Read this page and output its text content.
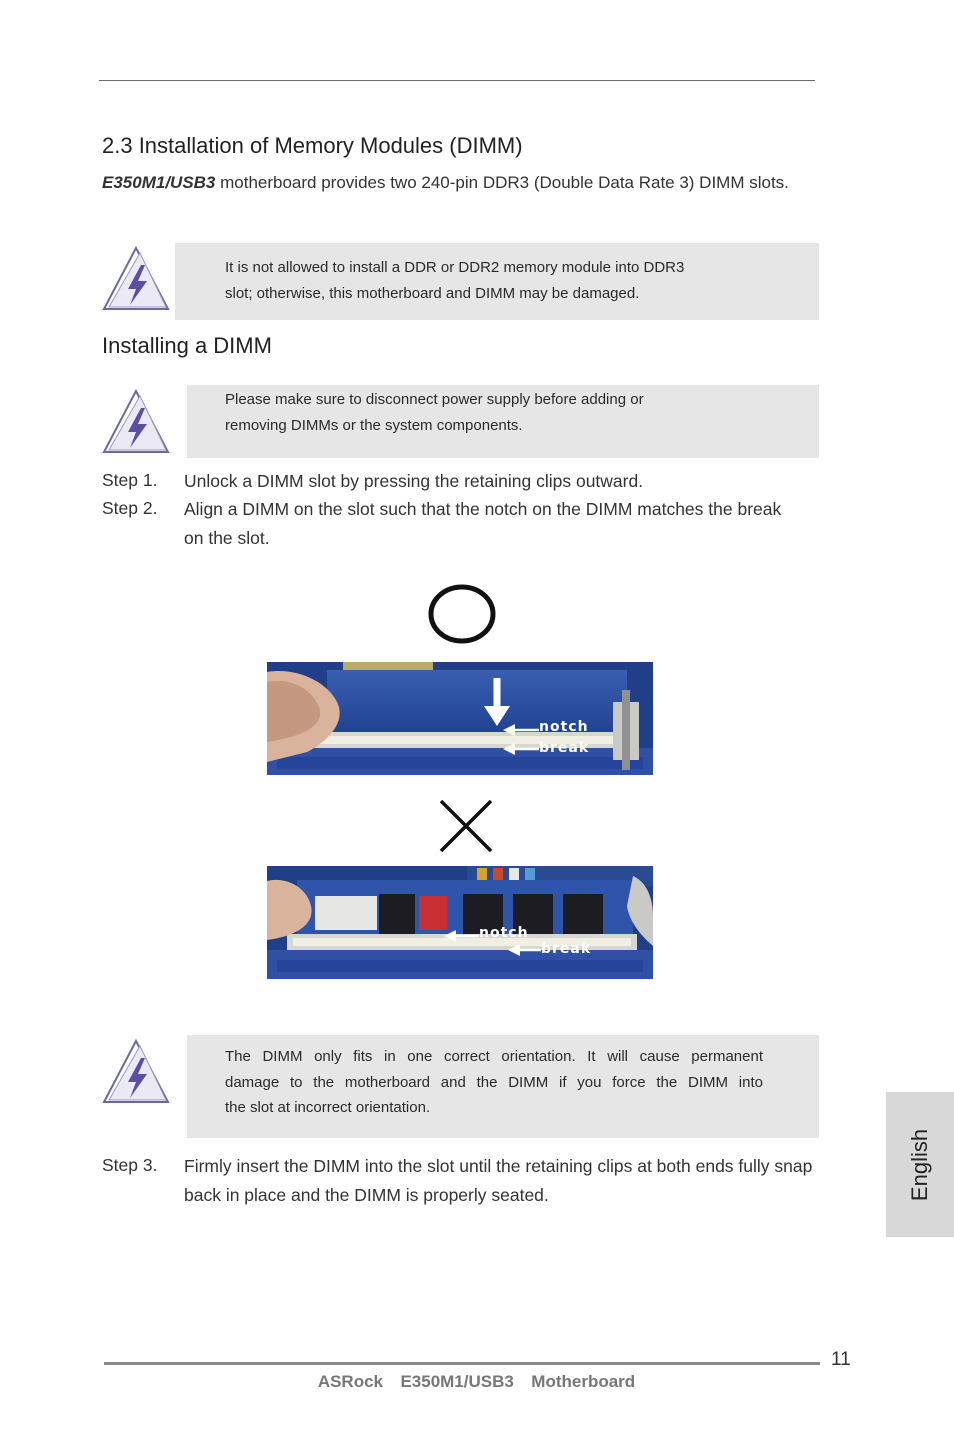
2.3 Installation of Memory Modules (DIMM)
E350M1/USB3 motherboard provides two 240-pin DDR3 (Double Data Rate 3) DIMM slots.
It is not allowed to install a DDR or DDR2 memory module into DDR3
slot; otherwise, this motherboard and DIMM may be damaged.
Installing a DIMM
Please make sure to disconnect power supply before adding or
removing DIMMs or the system components.
Step 1. Unlock a DIMM slot by pressing the retaining clips outward.
Step 2. Align a DIMM on the slot such that the notch on the DIMM matches the break on the slot.
notch
break
notch
break
The DIMM only fits in one correct orientation. It will cause permanent
damage to the motherboard and the DIMM if you force the DIMM into
the slot at incorrect orientation.
Step 3. Firmly insert the DIMM into the slot until the retaining clips at both ends fully snap back in place and the DIMM is properly seated.	English
11
ASRock  E350M1/USB3  Motherboard
